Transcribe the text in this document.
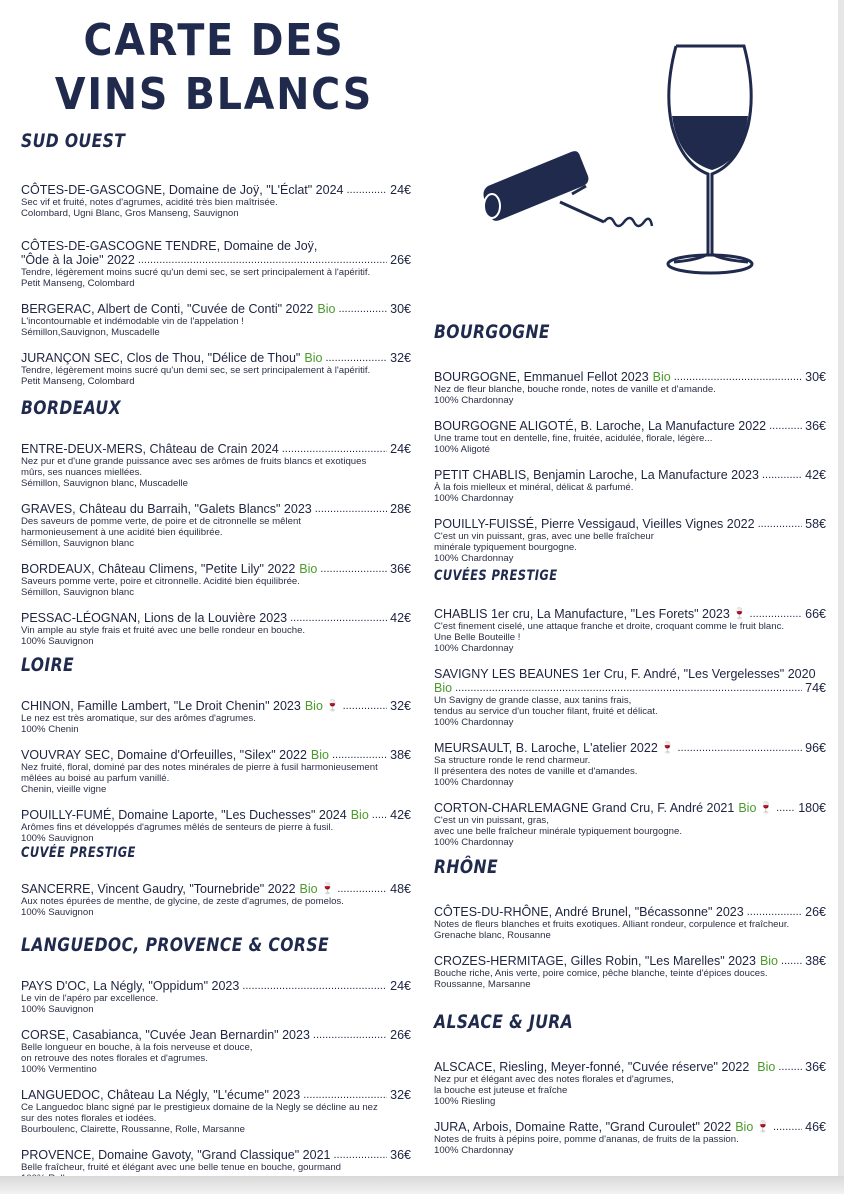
CARTE DES
VINS BLANCS
SUD OUEST
CÔTES-DE-GASCOGNE, Domaine de Joÿ, "L'Éclat" 2024 .....	24€
Sec vif et fruité, notes d'agrumes, acidité très bien maîtrisée.
Colombard, Ugni Blanc, Gros Manseng, Sauvignon
CÔTES-DE-GASCOGNE TENDRE, Domaine de Joÿ,
"Ôde à la Joie" 2022 .....	26€
Tendre, légèrement moins sucré qu'un demi sec, se sert principalement à l'apéritif.
Petit Manseng, Colombard
BERGERAC, Albert de Conti, "Cuvée de Conti" 2022 Bio .....	30€
L'incontournable et indémodable vin de l'appelation !
Sémillon,Sauvignon, Muscadelle
JURANÇON SEC, Clos de Thou, "Délice de Thou" Bio .....	32€
Tendre, légèrement moins sucré qu'un demi sec, se sert principalement à l'apéritif.
Petit Manseng, Colombard
BORDEAUX
ENTRE-DEUX-MERS, Château de Crain 2024 .....	24€
Nez pur et d'une grande puissance avec ses arômes de fruits blancs et exotiques
mûrs, ses nuances miellées.
Sémillon, Sauvignon blanc, Muscadelle
GRAVES, Château du Barraih, "Galets Blancs" 2023 .....	28€
Des saveurs de pomme verte, de poire et de citronnelle se mêlent
harmonieusement à une acidité bien équilibrée.
Sémillon, Sauvignon blanc
BORDEAUX, Château Climens, "Petite Lily" 2022 Bio .....	36€
Saveurs pomme verte, poire et citronnelle. Acidité bien équilibrée.
Sémillon, Sauvignon blanc
PESSAC-LÉOGNAN, Lions de la Louvière 2023 .....	42€
Vin ample au style frais et fruité avec une belle rondeur en bouche.
100% Sauvignon
LOIRE
CHINON, Famille Lambert, "Le Droit Chenin" 2023 Bio 🍷 .....	32€
Le nez est très aromatique, sur des arômes d'agrumes.
100% Chenin
VOUVRAY SEC, Domaine d'Orfeuilles, "Silex" 2022 Bio .....	38€
Nez fruité, floral, dominé par des notes minérales de pierre à fusil harmonieusement
mêlées au boisé au parfum vanillé.
Chenin, vieille vigne
POUILLY-FUMÉ, Domaine Laporte, "Les Duchesses" 2024 Bio ..... 42€
Arômes fins et développés d'agrumes mêlés de senteurs de pierre à fusil.
100% Sauvignon
CUVÉE PRESTIGE
SANCERRE, Vincent Gaudry, "Tournebride" 2022 Bio 🍷 .....	48€
Aux notes épurées de menthe, de glycine, de zeste d'agrumes, de pomelos.
100% Sauvignon
LANGUEDOC, PROVENCE & CORSE
PAYS D'OC, La Négly, "Oppidum" 2023 .....	24€
Le vin de l'apéro par excellence.
100% Sauvignon
CORSE, Casabianca, "Cuvée Jean Bernardin" 2023 .....	26€
Belle longueur en bouche, à la fois nerveuse et douce,
on retrouve des notes florales et d'agrumes.
100% Vermentino
LANGUEDOC, Château La Négly, "L'écume" 2023 .....	32€
Ce Languedoc blanc signé par le prestigieux domaine de la Negly se décline au nez
sur des notes florales et iodées.
Bourboulenc, Clairette, Roussanne, Rolle, Marsanne
PROVENCE, Domaine Gavoty, "Grand Classique" 2021 .....	36€
Belle fraîcheur, fruité et élégant avec une belle tenue en bouche, gourmand
BOURGOGNE
BOURGOGNE, Emmanuel Fellot 2023 Bio .....	30€
Nez de fleur blanche, bouche ronde, notes de vanille et d'amande.
100% Chardonnay
BOURGOGNE ALIGOTÉ, B. Laroche, La Manufacture 2022 .....	36€
Une trame tout en dentelle, fine, fruitée, acidulée, florale, légère...
100% Aligoté
PETIT CHABLIS, Benjamin Laroche, La Manufacture 2023 .....	42€
À la fois mielleux et minéral, délicat & parfumé.
100% Chardonnay
POUILLY-FUISSÉ, Pierre Vessigaud, Vieilles Vignes 2022 .....	58€
C'est un vin puissant, gras, avec une belle fraîcheur
minérale typiquement bourgogne.
100% Chardonnay
CUVÉES PRESTIGE
CHABLIS 1er cru, La Manufacture, "Les Forets" 2023 🍷 .....	66€
C'est finement ciselé, une attaque franche et droite, croquant comme le fruit blanc.
Une Belle Bouteille !
100% Chardonnay
SAVIGNY LES BEAUNES 1er Cru, F. André, "Les Vergelesses" 2020
Bio .....	74€
Un Savigny de grande classe, aux tanins frais,
tendus au service d'un toucher filant, fruité et délicat.
100% Chardonnay
MEURSAULT, B. Laroche, L'atelier 2022 🍷 .....	96€
Sa structure ronde le rend charmeur.
Il présentera des notes de vanille et d'amandes.
100% Chardonnay
CORTON-CHARLEMAGNE Grand Cru, F. André 2021 Bio 🍷 ..... 180€
C'est un vin puissant, gras,
avec une belle fraîcheur minérale typiquement bourgogne.
100% Chardonnay
RHÔNE
CÔTES-DU-RHÔNE, André Brunel, "Bécassonne" 2023 .....	26€
Notes de fleurs blanches et fruits exotiques. Alliant rondeur, corpulence et fraîcheur.
Grenache blanc, Rousanne
CROZES-HERMITAGE, Gilles Robin, "Les Marelles" 2023 Bio ..... 38€
Bouche riche, Anis verte, poire comice, pêche blanche, teinte d'épices douces.
Roussanne, Marsanne
ALSACE & JURA
ALSCACE, Riesling, Meyer-fonné, "Cuvée réserve" 2022 Bio ..... 36€
Nez pur et élégant avec des notes florales et d'agrumes,
la bouche est juteuse et fraîche
100% Riesling
JURA, Arbois, Domaine Ratte, "Grand Curoulet" 2022 Bio 🍷 .....	46€
Notes de fruits à pépins poire, pomme d'ananas, de fruits de la passion.
100% Chardonnay
